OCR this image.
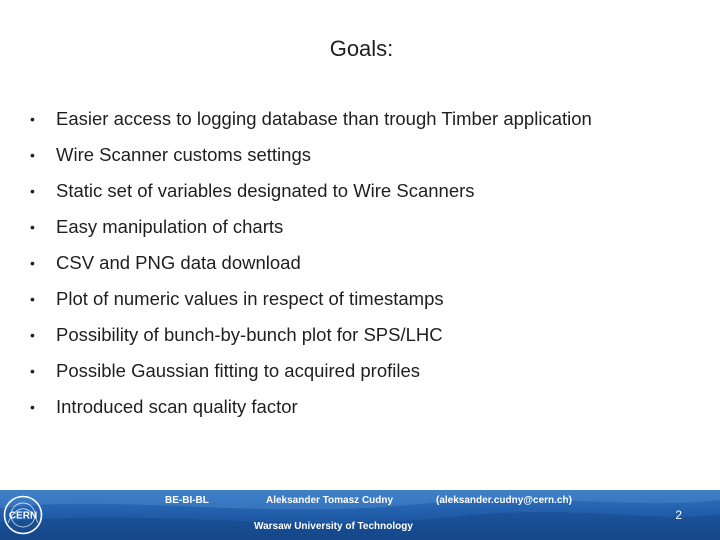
Goals:
•	Easier access to logging database than trough Timber application
•	Wire Scanner customs settings
•	Static set of variables designated to Wire Scanners
•	Easy manipulation of charts
•	CSV and PNG data download
•	Plot of numeric values in respect of timestamps
•	Possibility of bunch-by-bunch plot for SPS/LHC
•	Possible Gaussian fitting to acquired profiles
•	Introduced scan quality factor
CERN
BE-BI-BL	Aleksander Tomasz Cudny	(aleksander.cudny@cern.ch)
Warsaw University of Technology
2
